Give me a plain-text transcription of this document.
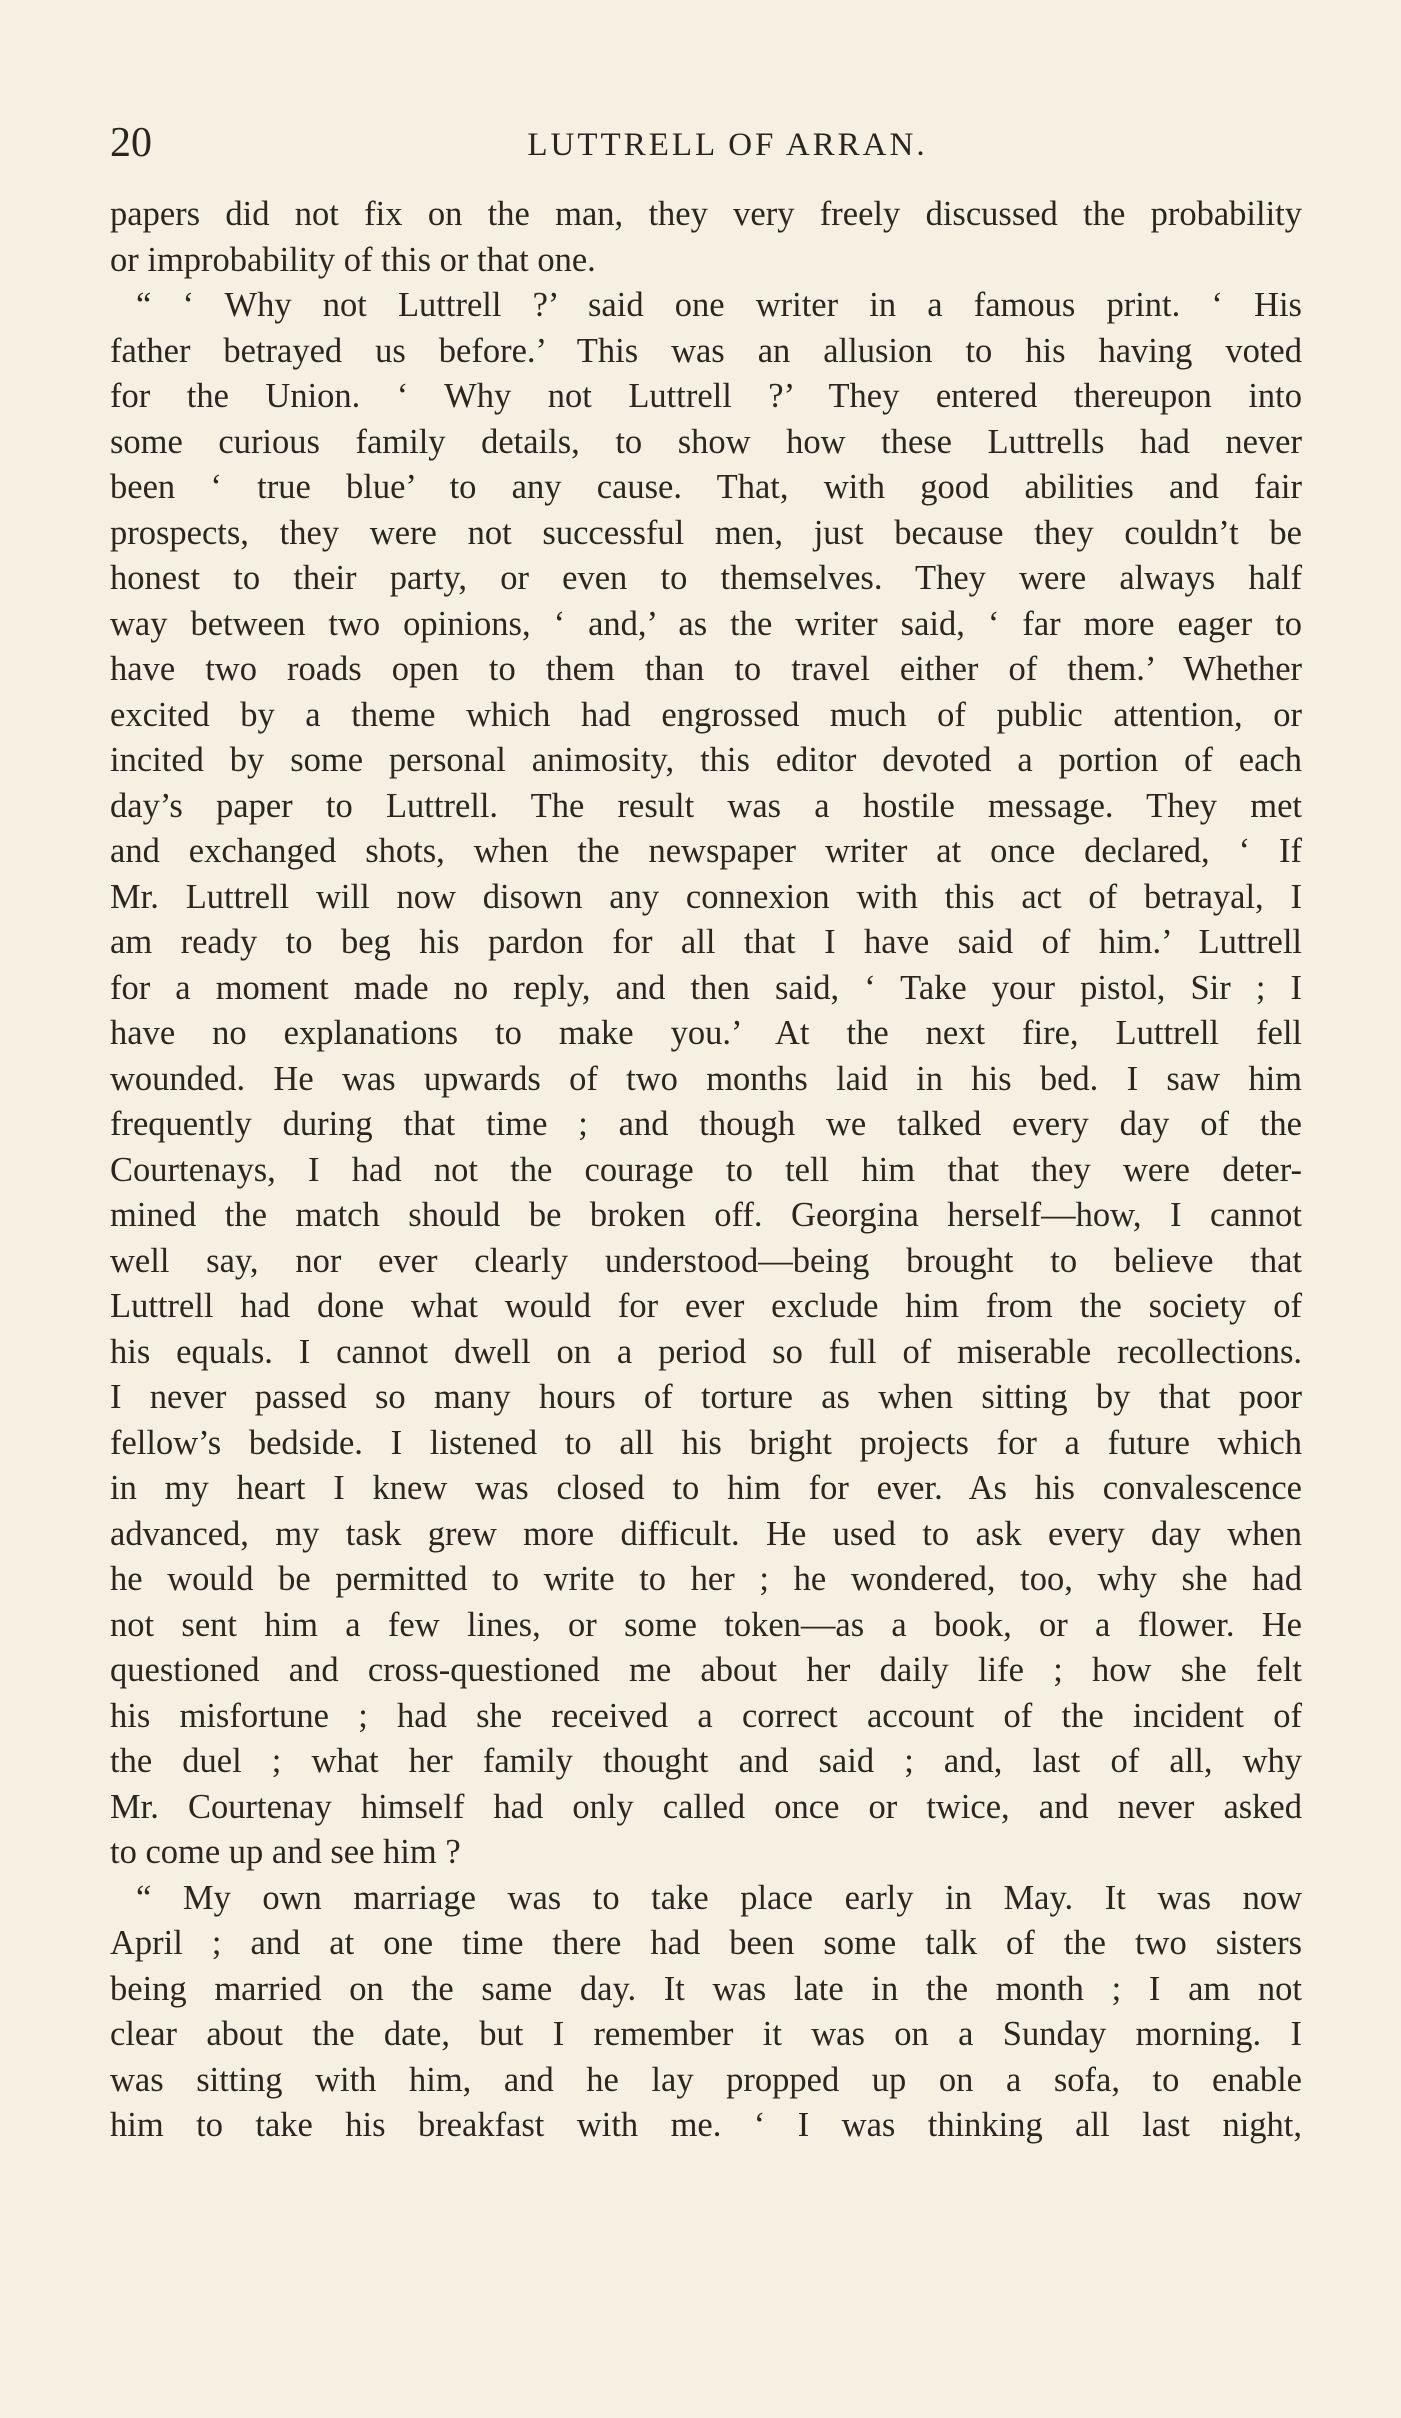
20	LUTTRELL OF ARRAN.
papers did not fix on the man, they very freely discussed the probability
or improbability of this or that one.
“ ‘ Why not Luttrell ?’ said one writer in a famous print. ‘ His
father betrayed us before.’ This was an allusion to his having voted
for the Union. ‘ Why not Luttrell ?’ They entered thereupon into
some curious family details, to show how these Luttrells had never
been ‘ true blue’ to any cause. That, with good abilities and fair
prospects, they were not successful men, just because they couldn’t be
honest to their party, or even to themselves. They were always half
way between two opinions, ‘ and,’ as the writer said, ‘ far more eager to
have two roads open to them than to travel either of them.’ Whether
excited by a theme which had engrossed much of public attention, or
incited by some personal animosity, this editor devoted a portion of each
day’s paper to Luttrell. The result was a hostile message. They met
and exchanged shots, when the newspaper writer at once declared, ‘ If
Mr. Luttrell will now disown any connexion with this act of betrayal, I
am ready to beg his pardon for all that I have said of him.’ Luttrell
for a moment made no reply, and then said, ‘ Take your pistol, Sir ; I
have no explanations to make you.’ At the next fire, Luttrell fell
wounded. He was upwards of two months laid in his bed. I saw him
frequently during that time ; and though we talked every day of the
Courtenays, I had not the courage to tell him that they were deter-
mined the match should be broken off. Georgina herself—how, I cannot
well say, nor ever clearly understood—being brought to believe that
Luttrell had done what would for ever exclude him from the society of
his equals. I cannot dwell on a period so full of miserable recollections.
I never passed so many hours of torture as when sitting by that poor
fellow’s bedside. I listened to all his bright projects for a future which
in my heart I knew was closed to him for ever. As his convalescence
advanced, my task grew more difficult. He used to ask every day when
he would be permitted to write to her ; he wondered, too, why she had
not sent him a few lines, or some token—as a book, or a flower. He
questioned and cross-questioned me about her daily life ; how she felt
his misfortune ; had she received a correct account of the incident of
the duel ; what her family thought and said ; and, last of all, why
Mr. Courtenay himself had only called once or twice, and never asked
to come up and see him ?
“ My own marriage was to take place early in May. It was now
April ; and at one time there had been some talk of the two sisters
being married on the same day. It was late in the month ; I am not
clear about the date, but I remember it was on a Sunday morning. I
was sitting with him, and he lay propped up on a sofa, to enable
him to take his breakfast with me. ‘ I was thinking all last night,
